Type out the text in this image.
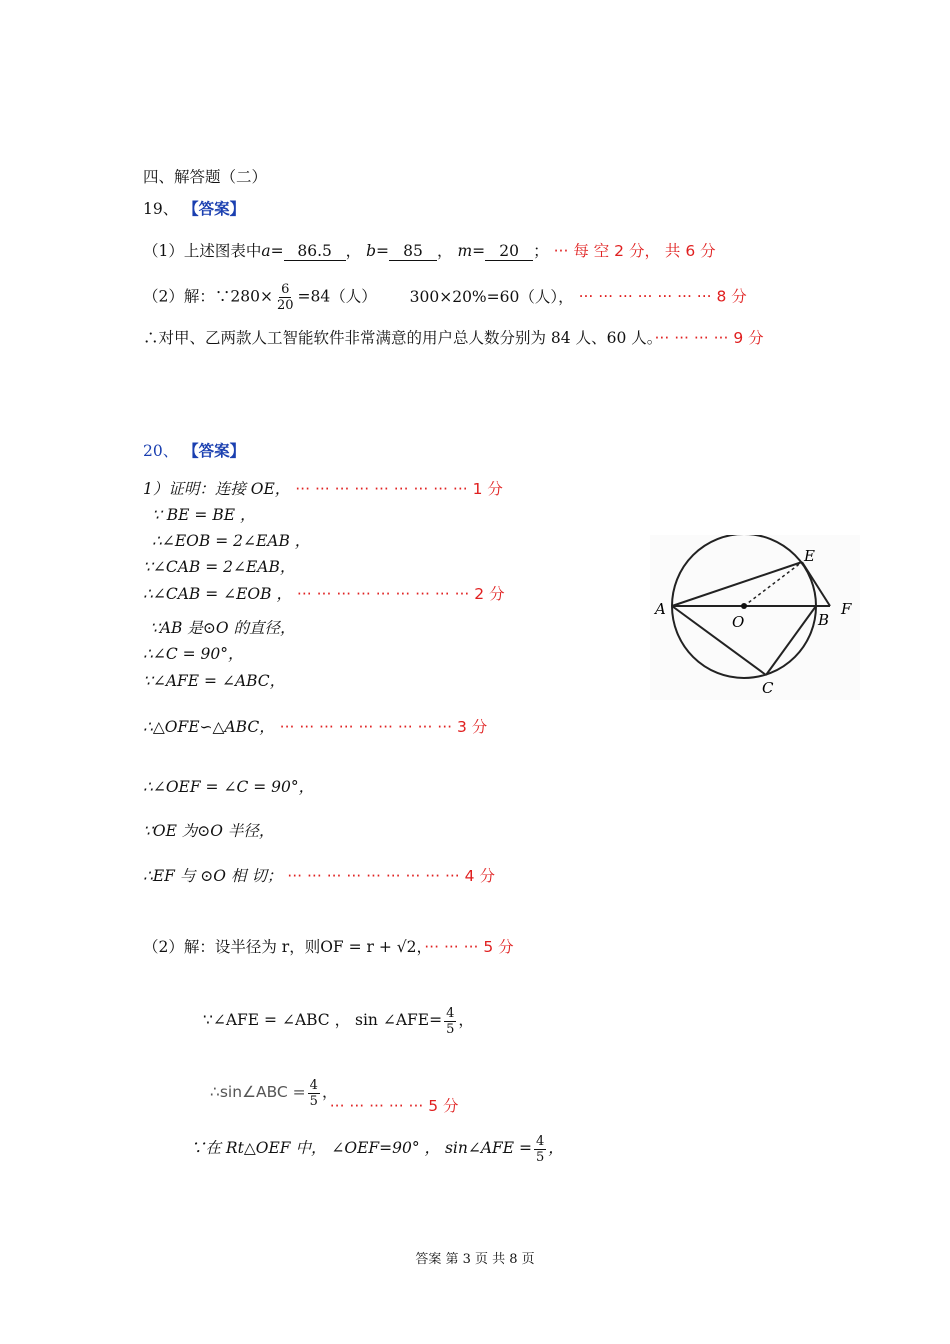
四、解答题（二）
19、 【答案】
（1）上述图表中a= 86.5 ， b= 85 ， m= 20 ； ··· 每 空 2 分， 共 6 分
（2）解：∵280× $\frac{6}{20} =84$（人） 300×20%=60（人）， ··· ··· ··· ··· ··· ··· ··· 8 分
∴对甲、乙两款人工智能软件非常满意的用户总人数分别为 84 人、60 人。··· ··· ··· ··· 9 分
20、 【答案】
1）证明：连接 OE， ··· ··· ··· ··· ··· ··· ··· ··· ··· 1 分
∵ BE = BE ，
∴∠EOB = 2∠EAB ，
∵∠CAB = 2∠EAB，
∴∠CAB = ∠EOB ， ··· ··· ··· ··· ··· ··· ··· ··· ··· 2 分
∵AB 是⊙O 的直径，
∴∠C = 90°，
∵∠AFE = ∠ABC，
∴△OFE∽△ABC， ··· ··· ··· ··· ··· ··· ··· ··· ··· 3 分
∴∠OEF = ∠C = 90°，
∵OE 为⊙O 半径，
∴EF 与 ⊙O 相 切； ··· ··· ··· ··· ··· ··· ··· ··· ··· 4 分
（2）解：设半径为 r，则OF = r + √2，··· ··· ··· 5 分
∵∠AFE = ∠ABC ， sin ∠AFE= $\frac{4}{5}$ ，
∴sin∠ABC = $\frac{4}{5}$ ，··· ··· ··· ··· ··· 5 分
∵在 Rt△OEF 中， ∠OEF=90° ， sin∠AFE = $\frac{4}{5}$ ，
A
O	B
F
E
C
答案 第 3 页 共 8 页
